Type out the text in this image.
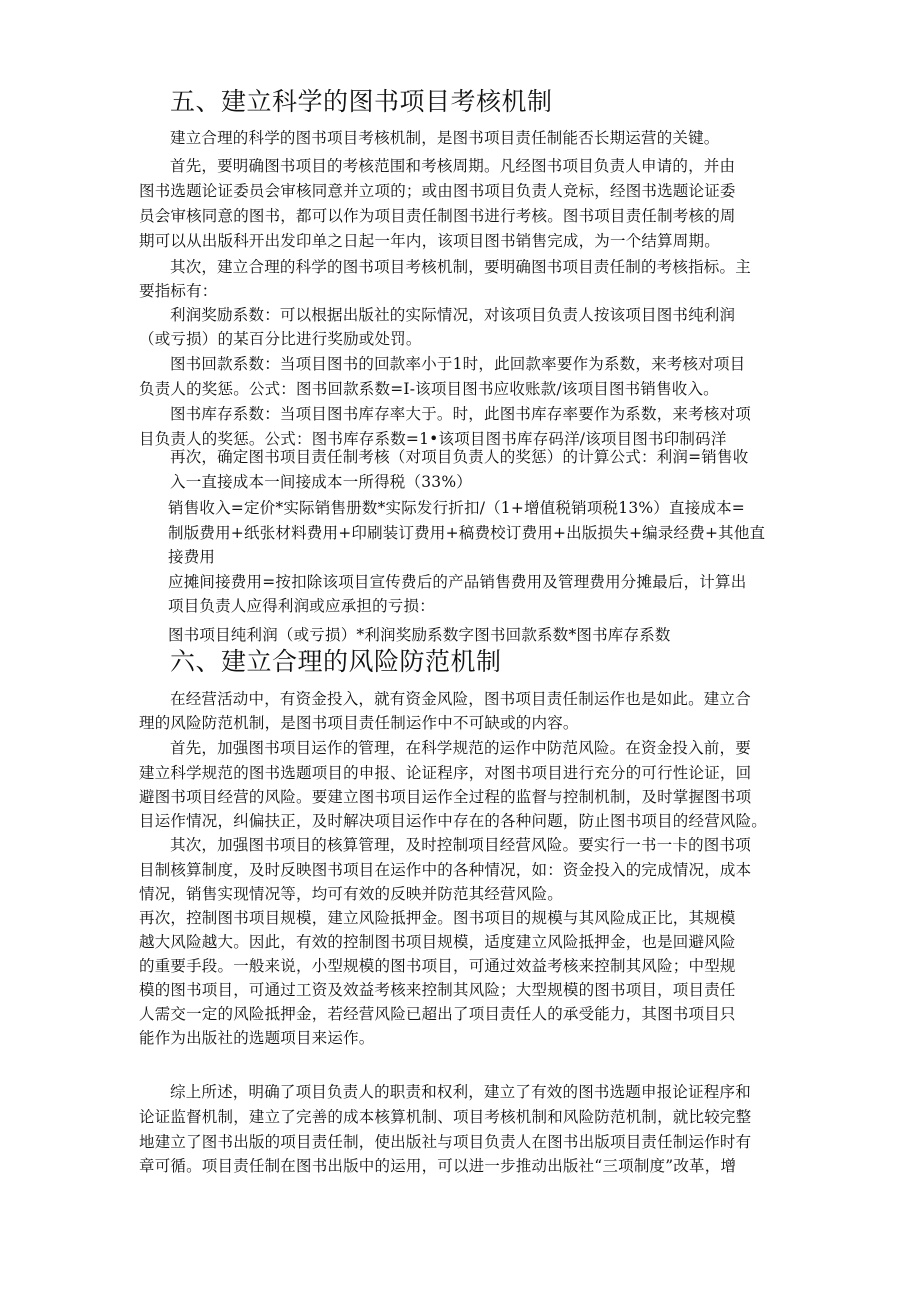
五、建立科学的图书项目考核机制
建立合理的科学的图书项目考核机制，是图书项目责任制能否长期运营的关键。
首先，要明确图书项目的考核范围和考核周期。凡经图书项目负责人申请的，并由
图书选题论证委员会审核同意并立项的；或由图书项目负责人竞标，经图书选题论证委
员会审核同意的图书，都可以作为项目责任制图书进行考核。图书项目责任制考核的周
期可以从出版科开出发印单之日起一年内，该项目图书销售完成，为一个结算周期。
其次，建立合理的科学的图书项目考核机制，要明确图书项目责任制的考核指标。主
要指标有：
利润奖励系数：可以根据出版社的实际情况，对该项目负责人按该项目图书纯利润
（或亏损）的某百分比进行奖励或处罚。
图书回款系数：当项目图书的回款率小于1时，此回款率要作为系数，来考核对项目
负责人的奖惩。公式：图书回款系数=I-该项目图书应收账款/该项目图书销售收入。
图书库存系数：当项目图书库存率大于。时，此图书库存率要作为系数，来考核对项
目负责人的奖惩。公式：图书库存系数=1•该项目图书库存码洋/该项目图书印制码洋
再次，确定图书项目责任制考核（对项目负责人的奖惩）的计算公式：利润=销售收
入一直接成本一间接成本一所得税（33%）
销售收入=定价*实际销售册数*实际发行折扣/（1+增值税销项税13%）直接成本=
制版费用+纸张材料费用+印刷装订费用+稿费校订费用+出版损失+编录经费+其他直
接费用
应摊间接费用=按扣除该项目宣传费后的产品销售费用及管理费用分摊最后，计算出
项目负责人应得利润或应承担的亏损：
图书项目纯利润（或亏损）*利润奖励系数字图书回款系数*图书库存系数
六、建立合理的风险防范机制
在经营活动中，有资金投入，就有资金风险，图书项目责任制运作也是如此。建立合
理的风险防范机制，是图书项目责任制运作中不可缺或的内容。
首先，加强图书项目运作的管理，在科学规范的运作中防范风险。在资金投入前，要
建立科学规范的图书选题项目的申报、论证程序，对图书项目进行充分的可行性论证，回
避图书项目经营的风险。要建立图书项目运作全过程的监督与控制机制，及时掌握图书项
目运作情况，纠偏扶正，及时解决项目运作中存在的各种问题，防止图书项目的经营风险。
其次，加强图书项目的核算管理，及时控制项目经营风险。要实行一书一卡的图书项
目制核算制度，及时反映图书项目在运作中的各种情况，如：资金投入的完成情况，成本
情况，销售实现情况等，均可有效的反映并防范其经营风险。
再次，控制图书项目规模，建立风险抵押金。图书项目的规模与其风险成正比，其规模
越大风险越大。因此，有效的控制图书项目规模，适度建立风险抵押金，也是回避风险
的重要手段。一般来说，小型规模的图书项目，可通过效益考核来控制其风险；中型规
模的图书项目，可通过工资及效益考核来控制其风险；大型规模的图书项目，项目责任
人需交一定的风险抵押金，若经营风险已超出了项目责任人的承受能力，其图书项目只
能作为出版社的选题项目来运作。
综上所述，明确了项目负责人的职责和权利，建立了有效的图书选题申报论证程序和
论证监督机制，建立了完善的成本核算机制、项目考核机制和风险防范机制，就比较完整
地建立了图书出版的项目责任制，使出版社与项目负责人在图书出版项目责任制运作时有
章可循。项目责任制在图书出版中的运用，可以进一步推动出版社“三项制度”改革，增
